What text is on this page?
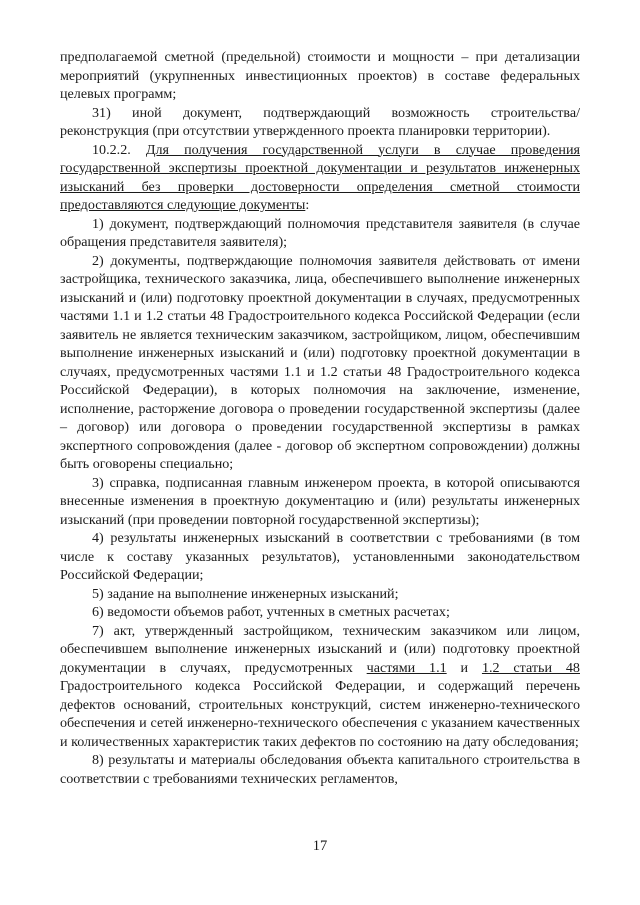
предполагаемой сметной (предельной) стоимости и мощности – при детализации мероприятий (укрупненных инвестиционных проектов) в составе федеральных целевых программ;

31) иной документ, подтверждающий возможность строительства/реконструкция (при отсутствии утвержденного проекта планировки территории).

10.2.2. Для получения государственной услуги в случае проведения государственной экспертизы проектной документации и результатов инженерных изысканий без проверки достоверности определения сметной стоимости предоставляются следующие документы:

1) документ, подтверждающий полномочия представителя заявителя (в случае обращения представителя заявителя);

2) документы, подтверждающие полномочия заявителя действовать от имени застройщика, технического заказчика, лица, обеспечившего выполнение инженерных изысканий и (или) подготовку проектной документации в случаях, предусмотренных частями 1.1 и 1.2 статьи 48 Градостроительного кодекса Российской Федерации (если заявитель не является техническим заказчиком, застройщиком, лицом, обеспечившим выполнение инженерных изысканий и (или) подготовку проектной документации в случаях, предусмотренных частями 1.1 и 1.2 статьи 48 Градостроительного кодекса Российской Федерации), в которых полномочия на заключение, изменение, исполнение, расторжение договора о проведении государственной экспертизы (далее – договор) или договора о проведении государственной экспертизы в рамках экспертного сопровождения (далее - договор об экспертном сопровождении) должны быть оговорены специально;

3) справка, подписанная главным инженером проекта, в которой описываются внесенные изменения в проектную документацию и (или) результаты инженерных изысканий (при проведении повторной государственной экспертизы);

4) результаты инженерных изысканий в соответствии с требованиями (в том числе к составу указанных результатов), установленными законодательством Российской Федерации;

5) задание на выполнение инженерных изысканий;

6) ведомости объемов работ, учтенных в сметных расчетах;

7) акт, утвержденный застройщиком, техническим заказчиком или лицом, обеспечившем выполнение инженерных изысканий и (или) подготовку проектной документации в случаях, предусмотренных частями 1.1 и 1.2 статьи 48 Градостроительного кодекса Российской Федерации, и содержащий перечень дефектов оснований, строительных конструкций, систем инженерно-технического обеспечения и сетей инженерно-технического обеспечения с указанием качественных и количественных характеристик таких дефектов по состоянию на дату обследования;

8) результаты и материалы обследования объекта капитального строительства в соответствии с требованиями технических регламентов,

17
